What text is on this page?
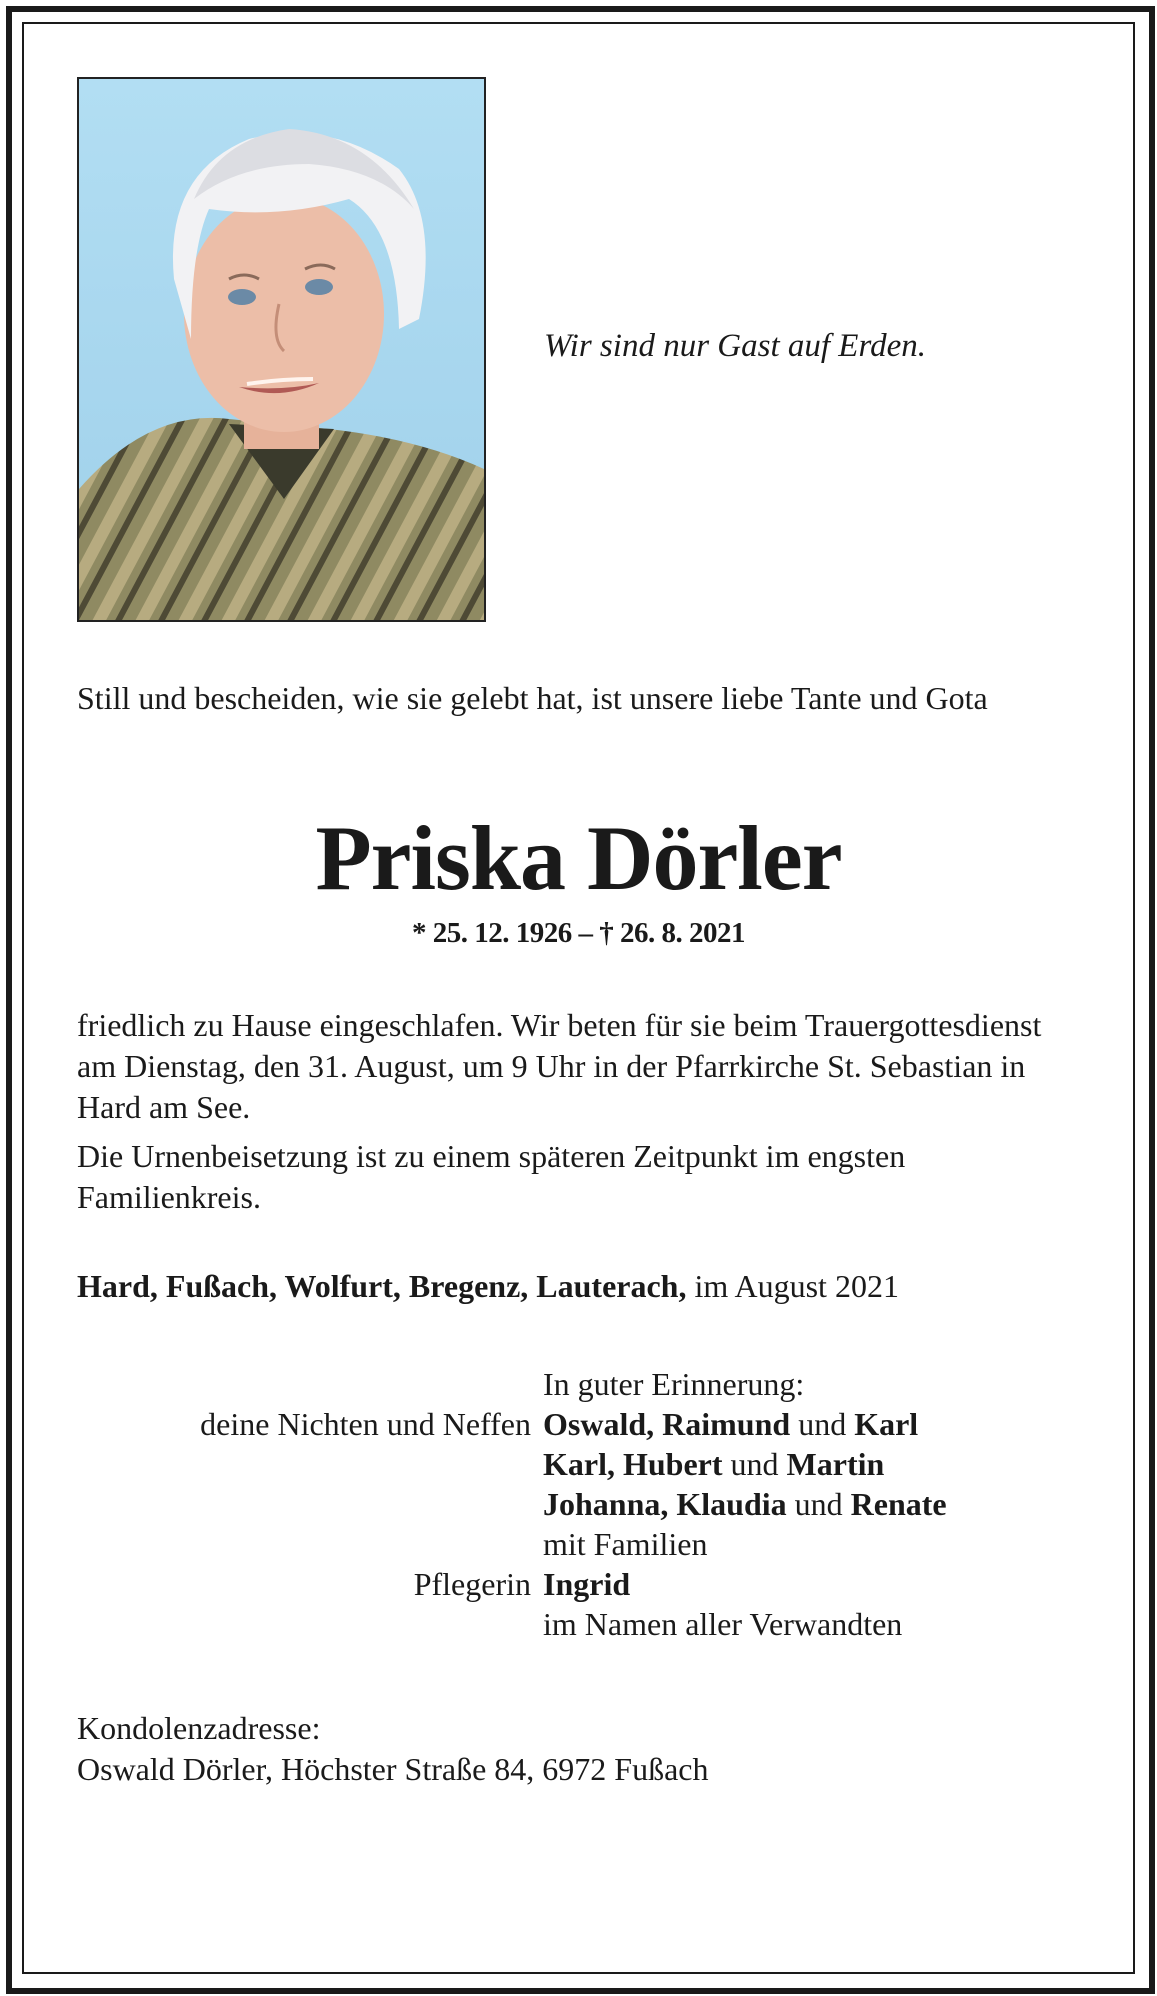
Wir sind nur Gast auf Erden.
Still und bescheiden, wie sie gelebt hat, ist unsere liebe Tante und Gota
Priska Dörler
* 25. 12. 1926 – † 26. 8. 2021

friedlich zu Hause eingeschlafen. Wir beten für sie beim Trauergottesdienst am Dienstag, den 31. August, um 9 Uhr in der Pfarrkirche St. Sebastian in Hard am See.

Die Urnenbeisetzung ist zu einem späteren Zeitpunkt im engsten Familienkreis.

Hard, Fußach, Wolfurt, Bregenz, Lauterach, im August 2021
In guter Erinnerung:
deine Nichten und Neffen Oswald, Raimund und Karl
Karl, Hubert und Martin
Johanna, Klaudia und Renate
mit Familien
Pflegerin Ingrid
im Namen aller Verwandten
Kondolenzadresse:
Oswald Dörler, Höchster Straße 84, 6972 Fußach
